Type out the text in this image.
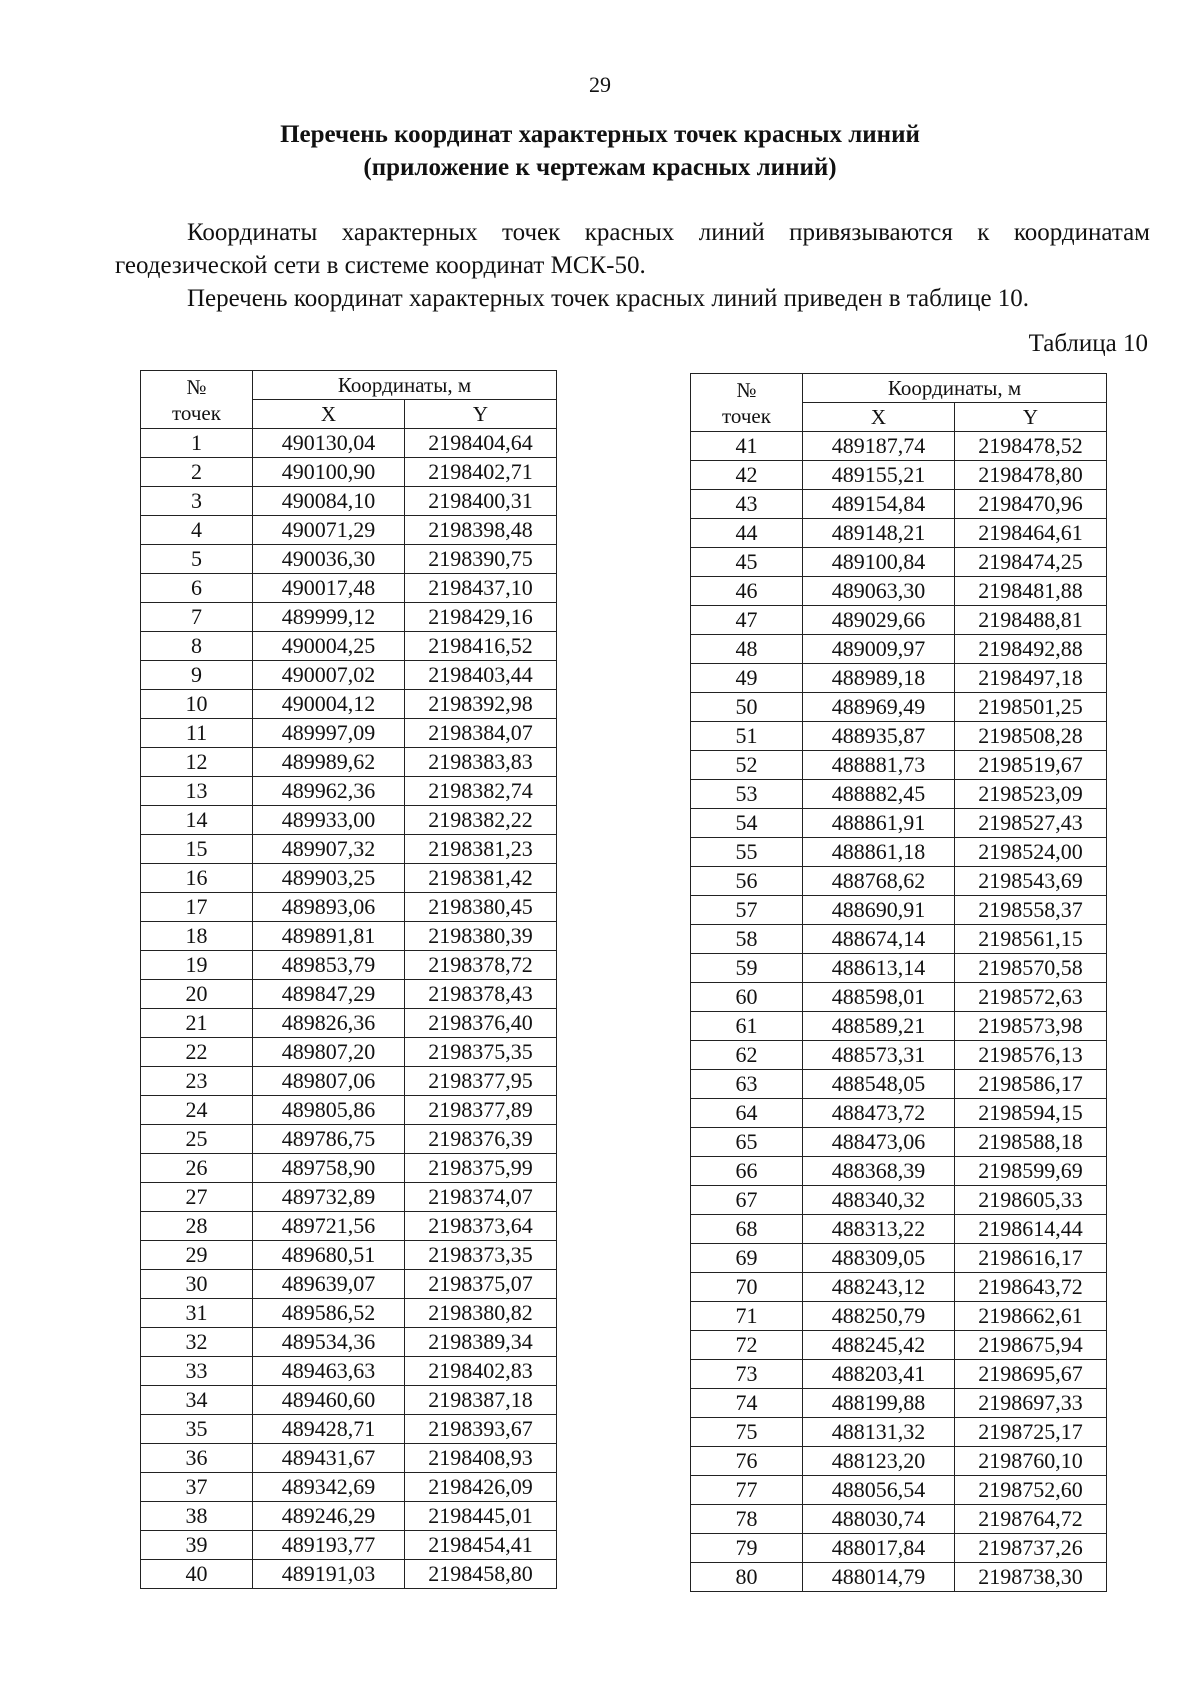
29
Перечень координат характерных точек красных линий
(приложение к чертежам красных линий)
Координаты характерных точек красных линий привязываются к координатам геодезической сети в системе координат МСК-50.
Перечень координат характерных точек красных линий приведен в таблице 10.
Таблица 10
№
точек	Координаты, м	
	X	Y
1	490130,04	2198404,64
2	490100,90	2198402,71
3	490084,10	2198400,31
4	490071,29	2198398,48
5	490036,30	2198390,75
6	490017,48	2198437,10
7	489999,12	2198429,16
8	490004,25	2198416,52
9	490007,02	2198403,44
10	490004,12	2198392,98
11	489997,09	2198384,07
12	489989,62	2198383,83
13	489962,36	2198382,74
14	489933,00	2198382,22
15	489907,32	2198381,23
16	489903,25	2198381,42
17	489893,06	2198380,45
18	489891,81	2198380,39
19	489853,79	2198378,72
20	489847,29	2198378,43
21	489826,36	2198376,40
22	489807,20	2198375,35
23	489807,06	2198377,95
24	489805,86	2198377,89
25	489786,75	2198376,39
26	489758,90	2198375,99
27	489732,89	2198374,07
28	489721,56	2198373,64
29	489680,51	2198373,35
30	489639,07	2198375,07
31	489586,52	2198380,82
32	489534,36	2198389,34
33	489463,63	2198402,83
34	489460,60	2198387,18
35	489428,71	2198393,67
36	489431,67	2198408,93
37	489342,69	2198426,09
38	489246,29	2198445,01
39	489193,77	2198454,41
40	489191,03	2198458,80
№
точек	Координаты, м	
	X	Y
41	489187,74	2198478,52
42	489155,21	2198478,80
43	489154,84	2198470,96
44	489148,21	2198464,61
45	489100,84	2198474,25
46	489063,30	2198481,88
47	489029,66	2198488,81
48	489009,97	2198492,88
49	488989,18	2198497,18
50	488969,49	2198501,25
51	488935,87	2198508,28
52	488881,73	2198519,67
53	488882,45	2198523,09
54	488861,91	2198527,43
55	488861,18	2198524,00
56	488768,62	2198543,69
57	488690,91	2198558,37
58	488674,14	2198561,15
59	488613,14	2198570,58
60	488598,01	2198572,63
61	488589,21	2198573,98
62	488573,31	2198576,13
63	488548,05	2198586,17
64	488473,72	2198594,15
65	488473,06	2198588,18
66	488368,39	2198599,69
67	488340,32	2198605,33
68	488313,22	2198614,44
69	488309,05	2198616,17
70	488243,12	2198643,72
71	488250,79	2198662,61
72	488245,42	2198675,94
73	488203,41	2198695,67
74	488199,88	2198697,33
75	488131,32	2198725,17
76	488123,20	2198760,10
77	488056,54	2198752,60
78	488030,74	2198764,72
79	488017,84	2198737,26
80	488014,79	2198738,30
